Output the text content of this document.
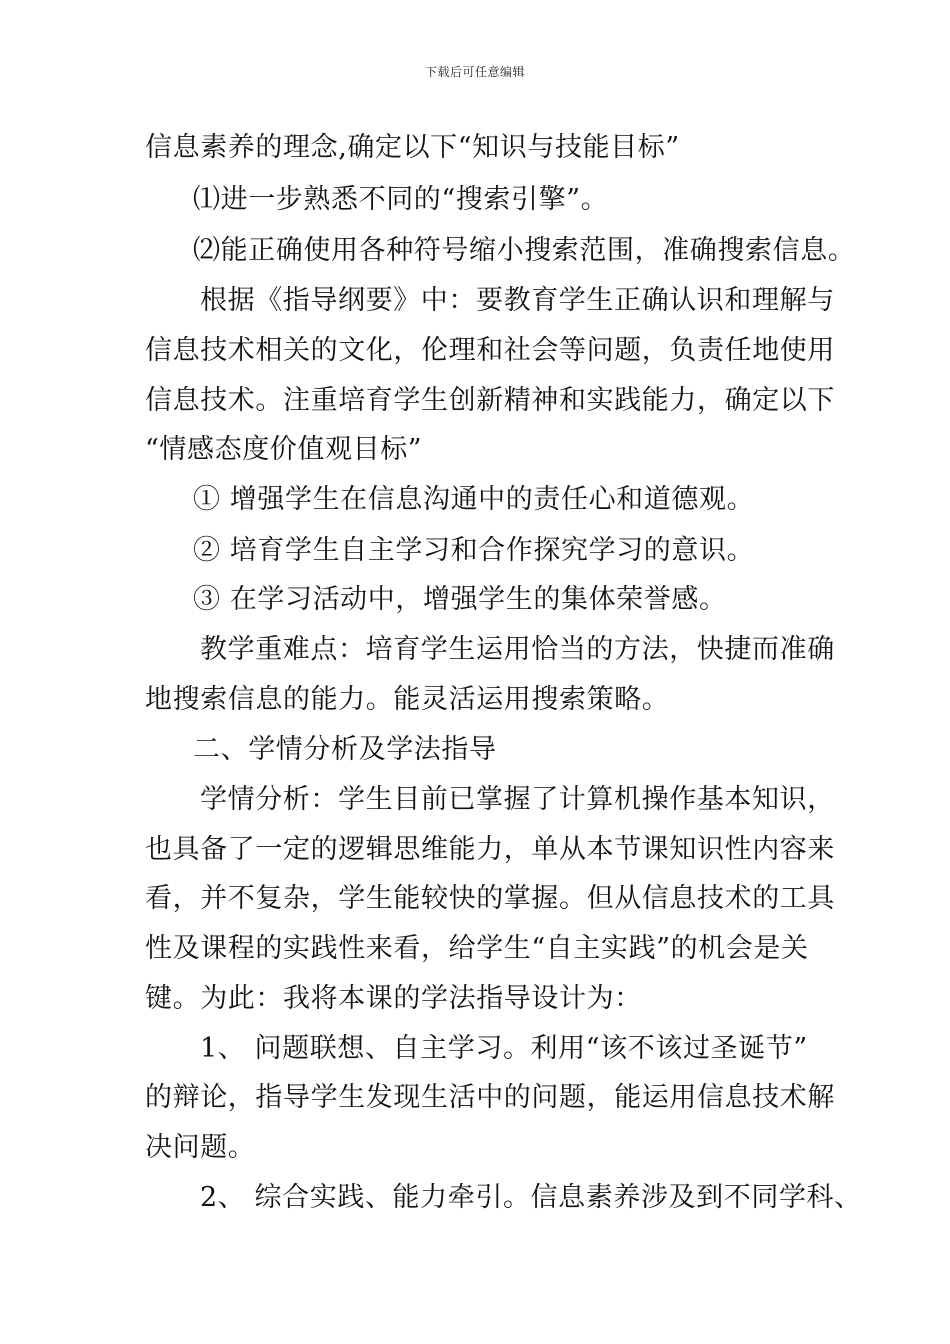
下载后可任意编辑
信息素养的理念,确定以下“知识与技能目标”
⑴进一步熟悉不同的“搜索引擎”。
⑵能正确使用各种符号缩小搜索范围，准确搜索信息。
根据《指导纲要》中：要教育学生正确认识和理解与
信息技术相关的文化，伦理和社会等问题，负责任地使用
信息技术。注重培育学生创新精神和实践能力，确定以下
“情感态度价值观目标”
① 增强学生在信息沟通中的责任心和道德观。
② 培育学生自主学习和合作探究学习的意识。
③ 在学习活动中，增强学生的集体荣誉感。
教学重难点：培育学生运用恰当的方法，快捷而准确
地搜索信息的能力。能灵活运用搜索策略。
二、学情分析及学法指导
学情分析：学生目前已掌握了计算机操作基本知识，
也具备了一定的逻辑思维能力，单从本节课知识性内容来
看，并不复杂，学生能较快的掌握。但从信息技术的工具
性及课程的实践性来看，给学生“自主实践”的机会是关
键。为此：我将本课的学法指导设计为：
1、 问题联想、自主学习。利用“该不该过圣诞节”
的辩论，指导学生发现生活中的问题，能运用信息技术解
决问题。
2、 综合实践、能力牵引。信息素养涉及到不同学科、
